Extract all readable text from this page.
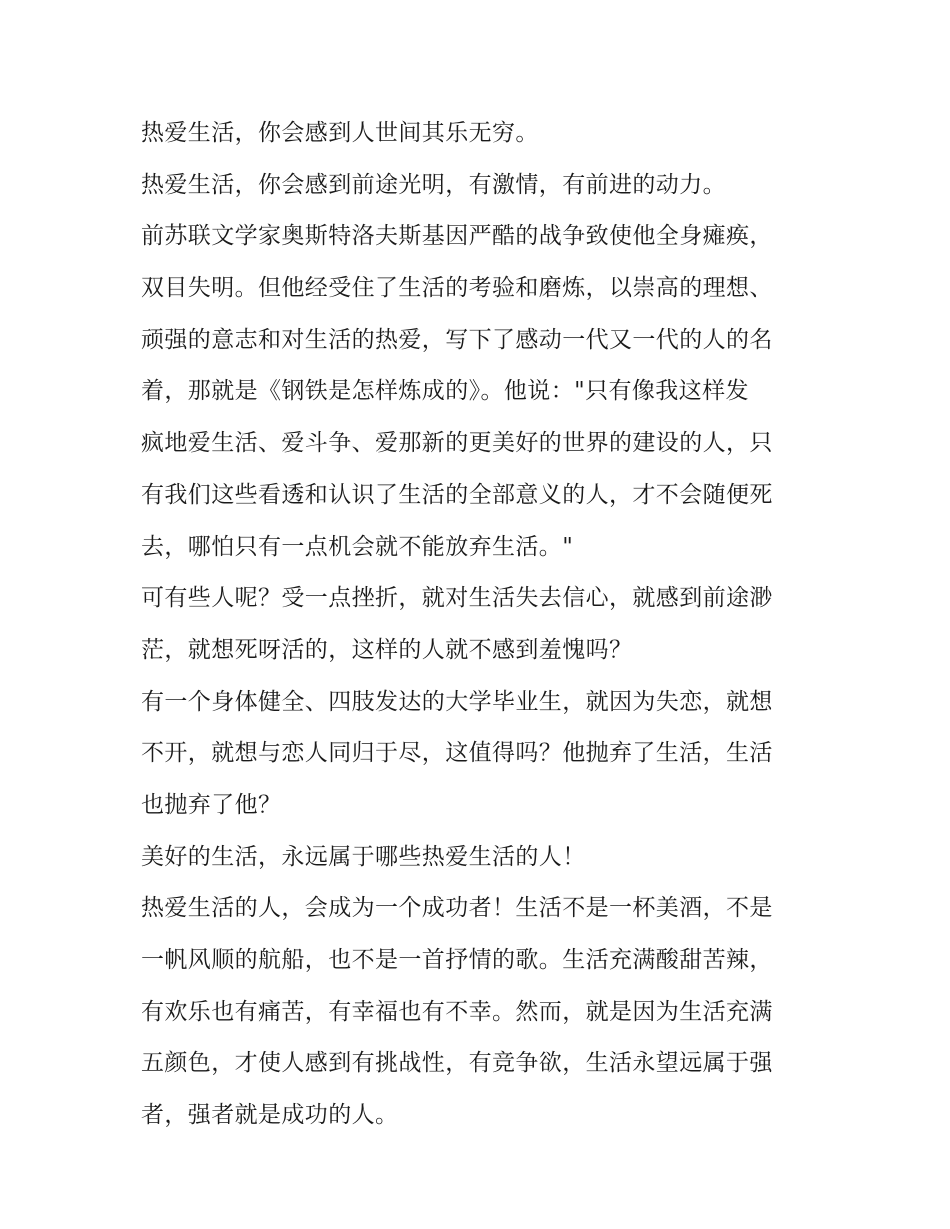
热爱生活，你会感到人世间其乐无穷。
热爱生活，你会感到前途光明，有激情，有前进的动力。
前苏联文学家奥斯特洛夫斯基因严酷的战争致使他全身瘫痪，
双目失明。但他经受住了生活的考验和磨炼，以崇高的理想、
顽强的意志和对生活的热爱，写下了感动一代又一代的人的名
着，那就是《钢铁是怎样炼成的》。他说："只有像我这样发
疯地爱生活、爱斗争、爱那新的更美好的世界的建设的人，只
有我们这些看透和认识了生活的全部意义的人，才不会随便死
去，哪怕只有一点机会就不能放弃生活。"
可有些人呢？受一点挫折，就对生活失去信心，就感到前途渺
茫，就想死呀活的，这样的人就不感到羞愧吗？
有一个身体健全、四肢发达的大学毕业生，就因为失恋，就想
不开，就想与恋人同归于尽，这值得吗？他抛弃了生活，生活
也抛弃了他？
美好的生活，永远属于哪些热爱生活的人！
热爱生活的人，会成为一个成功者！生活不是一杯美酒，不是
一帆风顺的航船，也不是一首抒情的歌。生活充满酸甜苦辣，
有欢乐也有痛苦，有幸福也有不幸。然而，就是因为生活充满
五颜色，才使人感到有挑战性，有竞争欲，生活永望远属于强
者，强者就是成功的人。
